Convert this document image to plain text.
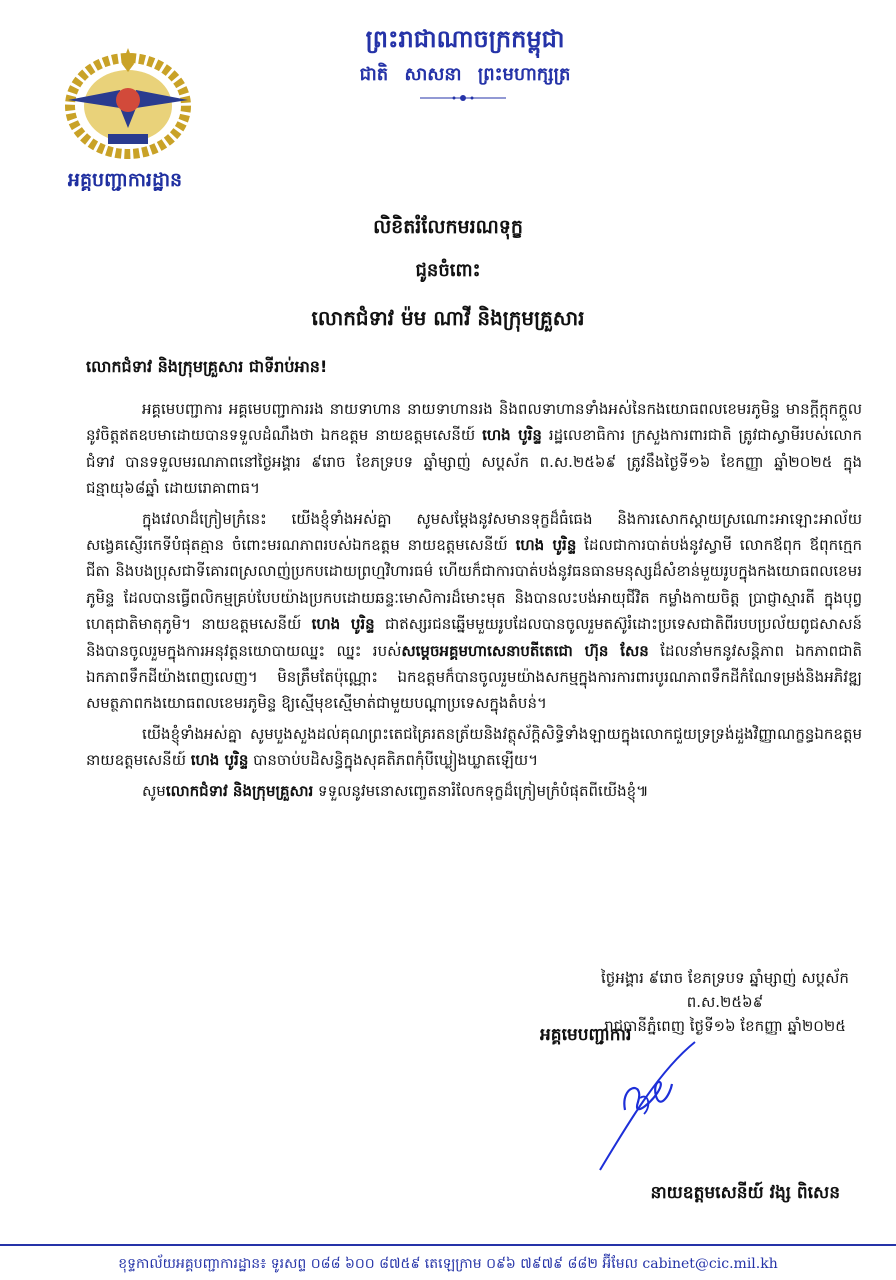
អគ្គបញ្ជាការដ្ឋាន
ព្រះរាជាណាចក្រកម្ពុជា
ជាតិ សាសនា ព្រះមហាក្សត្រ
លិខិតរំលែកមរណទុក្ខ
ជូនចំពោះ
លោកជំទាវ ម៉ម ណាវី និងក្រុមគ្រួសារ
លោកជំទាវ និងក្រុមគ្រួសារ ជាទីរាប់អាន!

អគ្គមេបញ្ជាការ អគ្គមេបញ្ជាការរង នាយទាហាន នាយទាហានរង និងពលទាហានទាំងអស់នៃកងយោធពលខេមរភូមិន្ទ មានក្ដីក្ដុកក្ដួលនូវចិត្តឥតឧបមាដោយបានទទួលដំណឹងថា ឯកឧត្ដម នាយឧត្ដមសេនីយ៍ ហេង បូរិន្ទ រដ្ឋលេខាធិការ ក្រសួងការពារជាតិ ត្រូវជាស្វាមីរបស់លោកជំទាវ បានទទួលមរណភាពនៅថ្ងៃអង្គារ ៩រោច ខែភទ្របទ ឆ្នាំម្សាញ់ សប្តស័ក ព.ស.២៥៦៩ ត្រូវនឹងថ្ងៃទី១៦ ខែកញ្ញា ឆ្នាំ២០២៥ ក្នុងជន្មាយុ៦៨ឆ្នាំ ដោយរោគាពាធ។

ក្នុងវេលាដ៏ក្រៀមក្រំនេះ យើងខ្ញុំទាំងអស់គ្នា សូមសម្ដែងនូវសមានទុក្ខដ៏ធំធេង និងការសោកស្ដាយស្រណោះអាឡោះអាល័យ សង្វេគស្ញើរកេទីបំផុតគ្មាន ចំពោះមរណភាពរបស់ឯកឧត្ដម នាយឧត្ដមសេនីយ៍ ហេង បូរិន្ទ ដែលជាការបាត់បង់នូវស្វាមី លោកឪពុក ឪពុកក្មេក ជីតា និងបងប្រុសជាទីគោរពស្រលាញ់ប្រកបដោយព្រហ្មវិហារធម៌ ហើយក៏ជាការបាត់បង់នូវធនធានមនុស្សដ៏សំខាន់មួយរូបក្នុងកងយោធពលខេមរភូមិន្ទ ដែលបានធ្វើពលិកម្មគ្រប់បែបយ៉ាងប្រកបដោយឆន្ទៈមោសិការដ៏មោះមុត និងបានលះបង់អាយុជីវិត កម្លាំងកាយចិត្ត ប្រាជ្ញាស្មារតី ក្នុងបុព្វហេតុជាតិមាតុភូមិ។ នាយឧត្ដមសេនីយ៍ ហេង បូរិន្ទ ជាឥស្សរជនឆ្នើមមួយរូបដែលបានចូលរួមតស៊ូរំដោះប្រទេសជាតិពីរបបប្រល័យពូជសាសន៍ និងបានចូលរួមក្នុងការអនុវត្តនយោបាយឈ្នះ ឈ្នះ របស់សម្ដេចអគ្គមហាសេនាបតីតេជោ ហ៊ុន សែន ដែលនាំមកនូវសន្តិភាព ឯកភាពជាតិ ឯកភាពទឹកដីយ៉ាងពេញលេញ។ មិនត្រឹមតែប៉ុណ្ណោះ ឯកឧត្ដមក៏បានចូលរួមយ៉ាងសកម្មក្នុងការការពារបូរណភាពទឹកដីកំណែទម្រង់និងអភិវឌ្ឍសមត្ថភាពកងយោធពលខេមរភូមិន្ទ ឱ្យស្មើមុខស្មើមាត់ជាមួយបណ្ដាប្រទេសក្នុងតំបន់។

យើងខ្ញុំទាំងអស់គ្នា សូមបួងសួងដល់គុណព្រះតេជគ្រៃរតនត្រ័យនិងវត្ថុស័ក្តិសិទ្ធិទាំងឡាយក្នុងលោកជួយទ្រទ្រង់ដួងវិញ្ញាណក្ខន្ធឯកឧត្ដម នាយឧត្ដមសេនីយ៍ ហេង បូរិន្ទ បានចាប់បដិសន្ធិក្នុងសុគតិភពកុំបីឃ្លៀងឃ្លាតឡើយ។

សូមលោកជំទាវ និងក្រុមគ្រួសារ ទទួលនូវមនោសញ្ចេតនារំលែកទុក្ខដ៏ក្រៀមក្រំបំផុតពីយើងខ្ញុំ៕

ថ្ងៃអង្គារ ៩រោច ខែភទ្របទ ឆ្នាំម្សាញ់ សប្តស័ក ព.ស.២៥៦៩
រាជធានីភ្នំពេញ ថ្ងៃទី១៦ ខែកញ្ញា ឆ្នាំ២០២៥
អគ្គមេបញ្ជាការ
នាយឧត្តមសេនីយ៍ វង្ស ពិសេន
ខុទ្ទកាល័យអគ្គបញ្ជាការដ្ឋាន៖ ទូរសព្ទ ០៨៨ ៦០០ ៨៧៥៩ តេឡេក្រាម ០៩៦ ៧៩៧៩ ៨៨២ អ៊ីមែល cabinet@cic.mil.kh
